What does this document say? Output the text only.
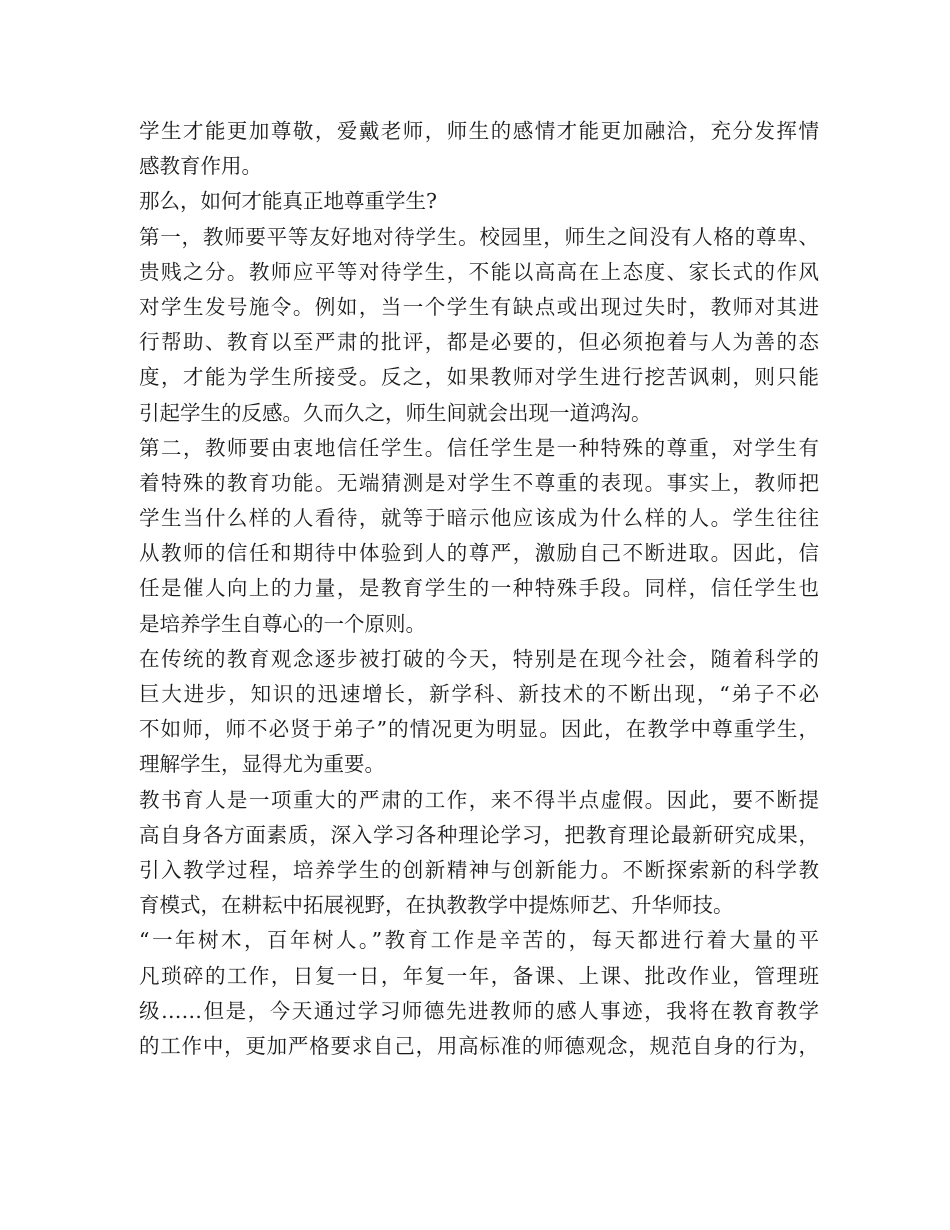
学生才能更加尊敬，爱戴老师，师生的感情才能更加融洽，充分发挥情
感教育作用。
那么，如何才能真正地尊重学生?
第一，教师要平等友好地对待学生。校园里，师生之间没有人格的尊卑、
贵贱之分。教师应平等对待学生，不能以高高在上态度、家长式的作风
对学生发号施令。例如，当一个学生有缺点或出现过失时，教师对其进
行帮助、教育以至严肃的批评，都是必要的，但必须抱着与人为善的态
度，才能为学生所接受。反之，如果教师对学生进行挖苦讽刺，则只能
引起学生的反感。久而久之，师生间就会出现一道鸿沟。
第二，教师要由衷地信任学生。信任学生是一种特殊的尊重，对学生有
着特殊的教育功能。无端猜测是对学生不尊重的表现。事实上，教师把
学生当什么样的人看待，就等于暗示他应该成为什么样的人。学生往往
从教师的信任和期待中体验到人的尊严，激励自己不断进取。因此，信
任是催人向上的力量，是教育学生的一种特殊手段。同样，信任学生也
是培养学生自尊心的一个原则。
在传统的教育观念逐步被打破的今天，特别是在现今社会，随着科学的
巨大进步，知识的迅速增长，新学科、新技术的不断出现，“弟子不必
不如师，师不必贤于弟子”的情况更为明显。因此，在教学中尊重学生，
理解学生，显得尤为重要。
教书育人是一项重大的严肃的工作，来不得半点虚假。因此，要不断提
高自身各方面素质，深入学习各种理论学习，把教育理论最新研究成果，
引入教学过程，培养学生的创新精神与创新能力。不断探索新的科学教
育模式，在耕耘中拓展视野，在执教教学中提炼师艺、升华师技。
“一年树木，百年树人。”教育工作是辛苦的，每天都进行着大量的平
凡琐碎的工作，日复一日，年复一年，备课、上课、批改作业，管理班
级……但是，今天通过学习师德先进教师的感人事迹，我将在教育教学
的工作中，更加严格要求自己，用高标准的师德观念，规范自身的行为，
